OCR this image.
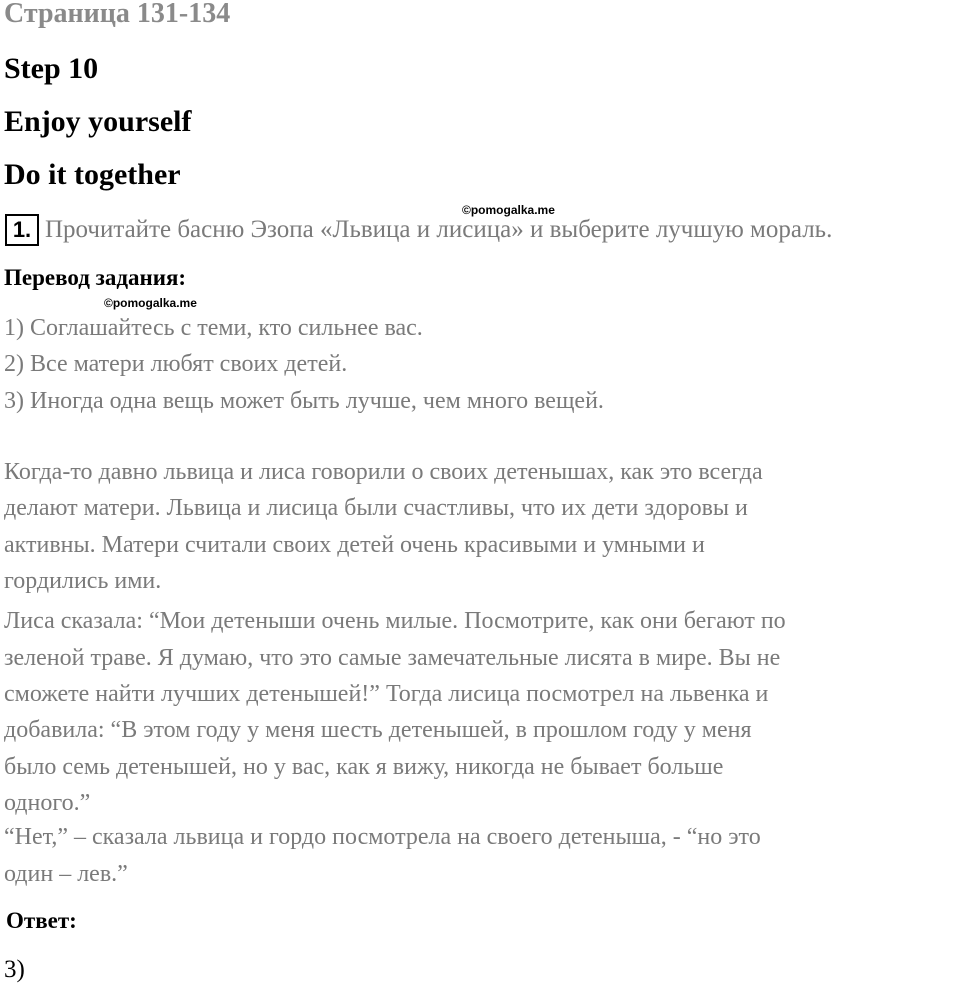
Страница 131-134
Step 10
Enjoy yourself
Do it together
©pomogalka.me
1. Прочитайте басню Эзопа «Львица и лисица» и выберите лучшую мораль.
Перевод задания:
©pomogalka.me
1) Соглашайтесь с теми, кто сильнее вас.
2) Все матери любят своих детей.
3) Иногда одна вещь может быть лучше, чем много вещей.
Когда-то давно львица и лиса говорили о своих детенышах, как это всегда
делают матери. Львица и лисица были счастливы, что их дети здоровы и
активны. Матери считали своих детей очень красивыми и умными и
гордились ими.
Лиса сказала: “Мои детеныши очень милые. Посмотрите, как они бегают по
зеленой траве. Я думаю, что это самые замечательные лисята в мире. Вы не
сможете найти лучших детенышей!” Тогда лисица посмотрел на львенка и
добавила: “В этом году у меня шесть детенышей, в прошлом году у меня
было семь детенышей, но у вас, как я вижу, никогда не бывает больше
одного.”
“Нет,” – сказала львица и гордо посмотрела на своего детеныша, - “но это
один – лев.”
Ответ:
3)
